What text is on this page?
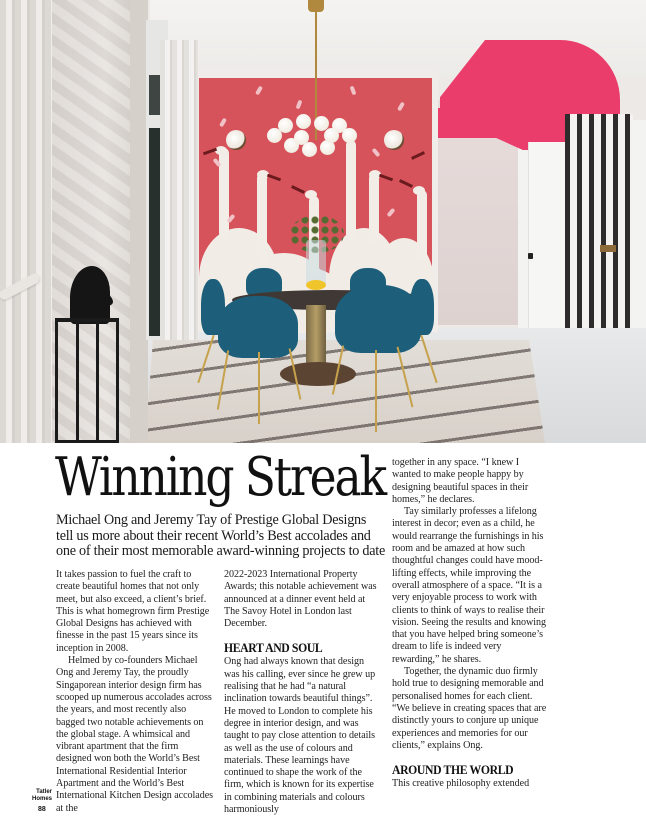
Winning Streak

Michael Ong and Jeremy Tay of Prestige Global Designs tell us more about their recent World’s Best accolades and one of their most memorable award-winning projects to date

It takes passion to fuel the craft to create beautiful homes that not only meet, but also exceed, a client’s brief. This is what homegrown firm Prestige Global Designs has achieved with finesse in the past 15 years since its inception in 2008.

Helmed by co-founders Michael Ong and Jeremy Tay, the proudly Singaporean interior design firm has scooped up numerous accolades across the years, and most recently also bagged two notable achievements on the global stage. A whimsical and vibrant apartment that the firm designed won both the World’s Best International Residential Interior Apartment and the World’s Best International Kitchen Design accolades at the

2022-2023 International Property Awards; this notable achievement was announced at a dinner event held at The Savoy Hotel in London last December.

HEART AND SOUL

Ong had always known that design was his calling, ever since he grew up realising that he had “a natural inclination towards beautiful things”. He moved to London to complete his degree in interior design, and was taught to pay close attention to details as well as the use of colours and materials. These learnings have continued to shape the work of the firm, which is known for its expertise in combining materials and colours harmoniously

together in any space. “I knew I wanted to make people happy by designing beautiful spaces in their homes,” he declares.

Tay similarly professes a lifelong interest in decor; even as a child, he would rearrange the furnishings in his room and be amazed at how such thoughtful changes could have mood-lifting effects, while improving the overall atmosphere of a space. “It is a very enjoyable process to work with clients to think of ways to realise their vision. Seeing the results and knowing that you have helped bring someone’s dream to life is indeed very rewarding,” he shares.

Together, the dynamic duo firmly hold true to designing memorable and personalised homes for each client. “We believe in creating spaces that are distinctly yours to conjure up unique experiences and memories for our clients,” explains Ong.

AROUND THE WORLD

This creative philosophy extended

Tatler
Homes
88
